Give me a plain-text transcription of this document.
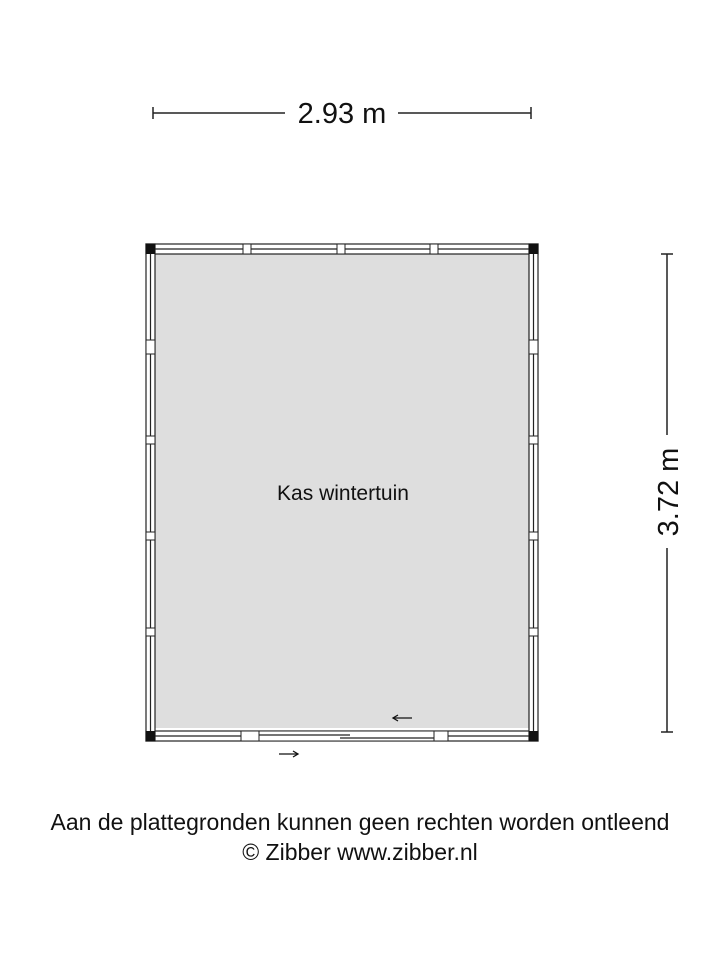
2.93 m
3.72 m
Kas wintertuin
Aan de plattegronden kunnen geen rechten worden ontleend
© Zibber www.zibber.nl
